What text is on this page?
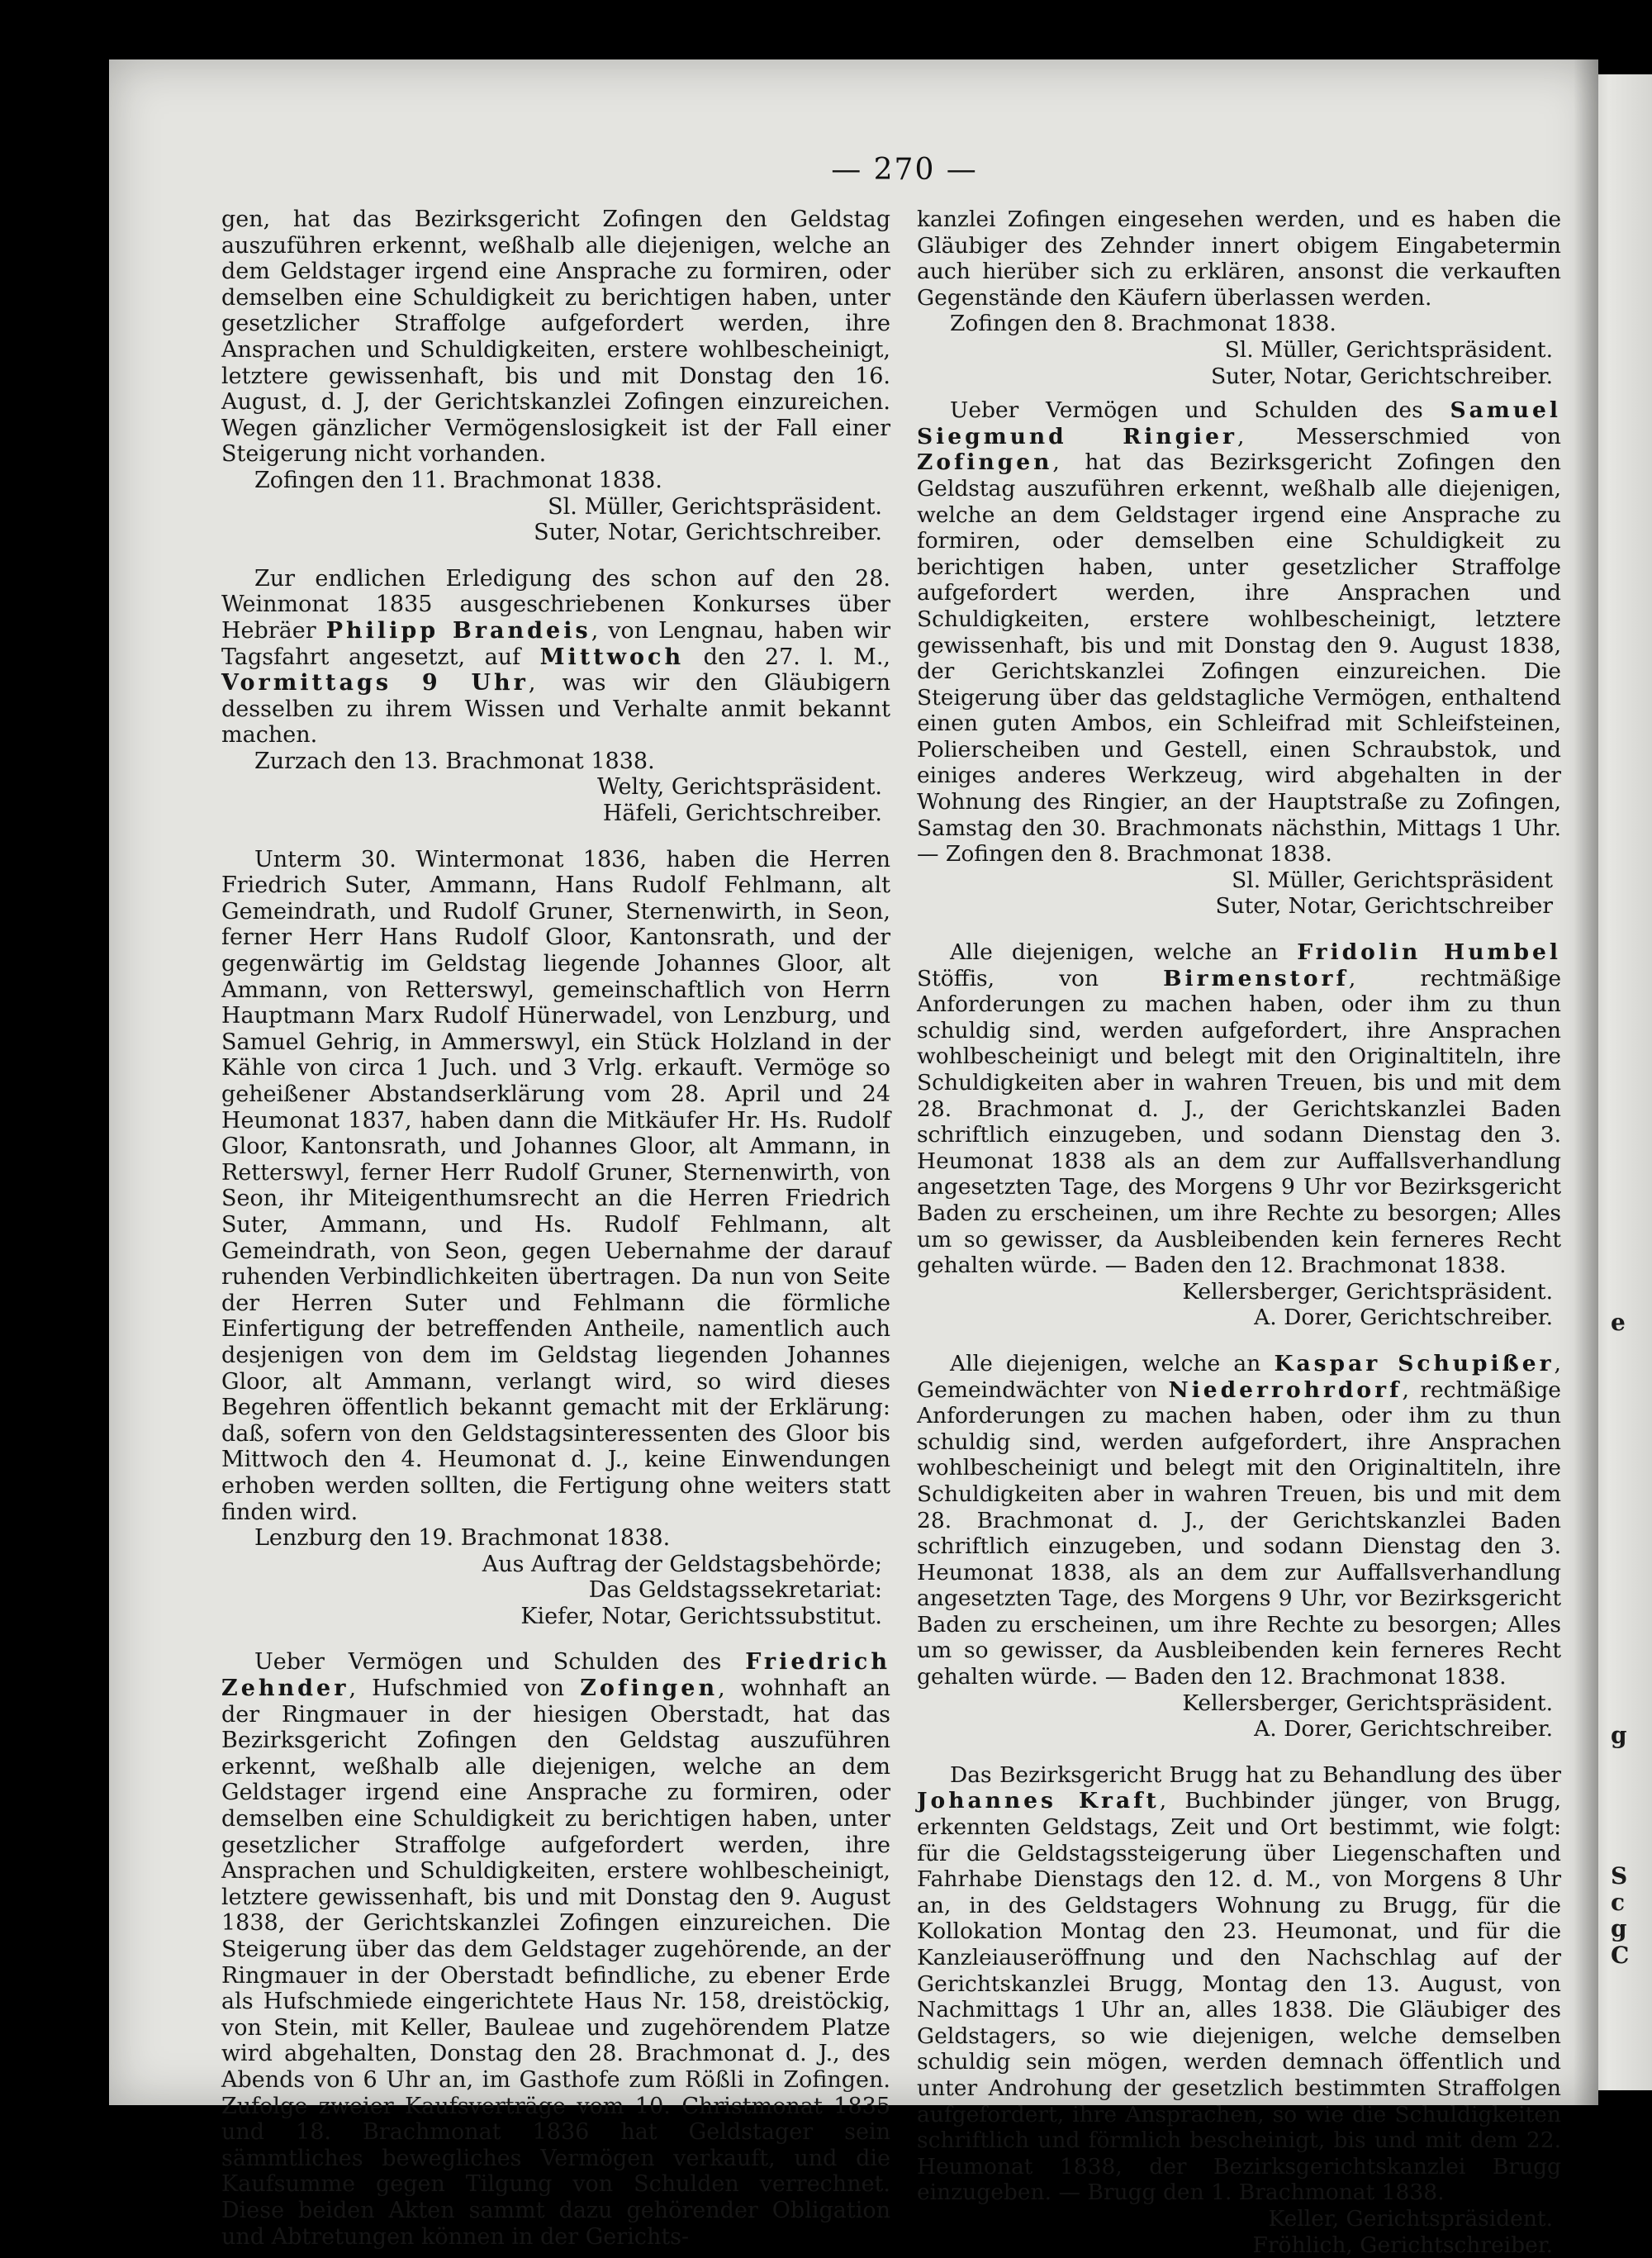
— 270 —

gen, hat das Bezirksgericht Zofingen den Geldstag auszuführen erkennt, weßhalb alle diejenigen, welche an dem Geldstager irgend eine Ansprache zu formiren, oder demselben eine Schuldigkeit zu berichtigen haben, unter gesetzlicher Straffolge aufgefordert werden, ihre Ansprachen und Schuldigkeiten, erstere wohlbescheinigt, letztere gewissenhaft, bis und mit Donstag den 16. August, d. J, der Gerichtskanzlei Zofingen einzureichen. Wegen gänzlicher Vermögenslosigkeit ist der Fall einer Steigerung nicht vorhanden.

Zofingen den 11. Brachmonat 1838.

Sl. Müller, Gerichtspräsident.

Suter, Notar, Gerichtschreiber.

Zur endlichen Erledigung des schon auf den 28. Weinmonat 1835 ausgeschriebenen Konkurses über Hebräer Philipp Brandeis, von Lengnau, haben wir Tagsfahrt angesetzt, auf Mittwoch den 27. l. M., Vormittags 9 Uhr, was wir den Gläubigern desselben zu ihrem Wissen und Verhalte anmit bekannt machen.

Zurzach den 13. Brachmonat 1838.

Welty, Gerichtspräsident.

Häfeli, Gerichtschreiber.

Unterm 30. Wintermonat 1836, haben die Herren Friedrich Suter, Ammann, Hans Rudolf Fehlmann, alt Gemeindrath, und Rudolf Gruner, Sternenwirth, in Seon, ferner Herr Hans Rudolf Gloor, Kantonsrath, und der gegenwärtig im Geldstag liegende Johannes Gloor, alt Ammann, von Retterswyl, gemeinschaftlich von Herrn Hauptmann Marx Rudolf Hünerwadel, von Lenzburg, und Samuel Gehrig, in Ammerswyl, ein Stück Holzland in der Kähle von circa 1 Juch. und 3 Vrlg. erkauft. Vermöge so geheißener Abstandserklärung vom 28. April und 24 Heumonat 1837, haben dann die Mitkäufer Hr. Hs. Rudolf Gloor, Kantonsrath, und Johannes Gloor, alt Ammann, in Retterswyl, ferner Herr Rudolf Gruner, Sternenwirth, von Seon, ihr Miteigenthumsrecht an die Herren Friedrich Suter, Ammann, und Hs. Rudolf Fehlmann, alt Gemeindrath, von Seon, gegen Uebernahme der darauf ruhenden Verbindlichkeiten übertragen. Da nun von Seite der Herren Suter und Fehlmann die förmliche Einfertigung der betreffenden Antheile, namentlich auch desjenigen von dem im Geldstag liegenden Johannes Gloor, alt Ammann, verlangt wird, so wird dieses Begehren öffentlich bekannt gemacht mit der Erklärung: daß, sofern von den Geldstagsinteressenten des Gloor bis Mittwoch den 4. Heumonat d. J., keine Einwendungen erhoben werden sollten, die Fertigung ohne weiters statt finden wird.

Lenzburg den 19. Brachmonat 1838.

Aus Auftrag der Geldstagsbehörde;

Das Geldstagssekretariat:

Kiefer, Notar, Gerichtssubstitut.

Ueber Vermögen und Schulden des Friedrich Zehnder, Hufschmied von Zofingen, wohnhaft an der Ringmauer in der hiesigen Oberstadt, hat das Bezirksgericht Zofingen den Geldstag auszuführen erkennt, weßhalb alle diejenigen, welche an dem Geldstager irgend eine Ansprache zu formiren, oder demselben eine Schuldigkeit zu berichtigen haben, unter gesetzlicher Straffolge aufgefordert werden, ihre Ansprachen und Schuldigkeiten, erstere wohlbescheinigt, letztere gewissenhaft, bis und mit Donstag den 9. August 1838, der Gerichtskanzlei Zofingen einzureichen. Die Steigerung über das dem Geldstager zugehörende, an der Ringmauer in der Oberstadt befindliche, zu ebener Erde als Hufschmiede eingerichtete Haus Nr. 158, dreistöckig, von Stein, mit Keller, Bauleae und zugehörendem Platze wird abgehalten, Donstag den 28. Brachmonat d. J., des Abends von 6 Uhr an, im Gasthofe zum Rößli in Zofingen. Zufolge zweier Kaufsverträge vom 10. Christmonat 1835 und 18. Brachmonat 1836 hat Geldstager sein sämmtliches bewegliches Vermögen verkauft, und die Kaufsumme gegen Tilgung von Schulden verrechnet. Diese beiden Akten sammt dazu gehörender Obligation und Abtretungen können in der Gerichts-

kanzlei Zofingen eingesehen werden, und es haben die Gläubiger des Zehnder innert obigem Eingabetermin auch hierüber sich zu erklären, ansonst die verkauften Gegenstände den Käufern überlassen werden.

Zofingen den 8. Brachmonat 1838.

Sl. Müller, Gerichtspräsident.

Suter, Notar, Gerichtschreiber.

Ueber Vermögen und Schulden des Samuel Siegmund Ringier, Messerschmied von Zofingen, hat das Bezirksgericht Zofingen den Geldstag auszuführen erkennt, weßhalb alle diejenigen, welche an dem Geldstager irgend eine Ansprache zu formiren, oder demselben eine Schuldigkeit zu berichtigen haben, unter gesetzlicher Straffolge aufgefordert werden, ihre Ansprachen und Schuldigkeiten, erstere wohlbescheinigt, letztere gewissenhaft, bis und mit Donstag den 9. August 1838, der Gerichtskanzlei Zofingen einzureichen. Die Steigerung über das geldstagliche Vermögen, enthaltend einen guten Ambos, ein Schleifrad mit Schleifsteinen, Polierscheiben und Gestell, einen Schraubstok, und einiges anderes Werkzeug, wird abgehalten in der Wohnung des Ringier, an der Hauptstraße zu Zofingen, Samstag den 30. Brachmonats nächsthin, Mittags 1 Uhr. — Zofingen den 8. Brachmonat 1838.

Sl. Müller, Gerichtspräsident

Suter, Notar, Gerichtschreiber

Alle diejenigen, welche an Fridolin Humbel Stöffis, von	Birmenstorf, rechtmäßige Anforderungen zu machen haben, oder ihm zu thun schuldig sind, werden aufgefordert, ihre Ansprachen wohlbescheinigt und belegt mit den Originaltiteln, ihre Schuldigkeiten aber in wahren Treuen, bis und mit dem 28. Brachmonat d. J., der Gerichtskanzlei Baden schriftlich einzugeben, und sodann Dienstag den 3. Heumonat 1838 als an dem zur Auffallsverhandlung angesetzten Tage, des Morgens 9 Uhr vor Bezirksgericht Baden zu erscheinen, um ihre Rechte zu besorgen; Alles um so gewisser, da Ausbleibenden kein ferneres Recht gehalten würde. — Baden den 12. Brachmonat 1838.

Kellersberger, Gerichtspräsident.

A. Dorer, Gerichtschreiber.

Alle diejenigen, welche an Kaspar Schupißer, Gemeindwächter von Niederrohrdorf, rechtmäßige Anforderungen zu machen haben, oder ihm zu thun schuldig sind, werden aufgefordert, ihre Ansprachen wohlbescheinigt und belegt mit den Originaltiteln, ihre Schuldigkeiten aber in wahren Treuen, bis und mit dem 28. Brachmonat d. J., der Gerichtskanzlei Baden schriftlich einzugeben, und sodann Dienstag den 3. Heumonat 1838, als an dem zur Auffallsverhandlung angesetzten Tage, des Morgens 9 Uhr, vor Bezirksgericht Baden zu erscheinen, um ihre Rechte zu besorgen; Alles um so gewisser, da Ausbleibenden kein ferneres Recht gehalten würde. — Baden den 12. Brachmonat 1838.

Kellersberger, Gerichtspräsident.

A. Dorer, Gerichtschreiber.

Das Bezirksgericht Brugg hat zu Behandlung des über Johannes Kraft, Buchbinder jünger, von Brugg, erkennten Geldstags, Zeit und Ort bestimmt, wie folgt: für die Geldstagssteigerung über Liegenschaften und Fahrhabe Dienstags den 12. d. M., von Morgens 8 Uhr an, in des Geldstagers Wohnung zu Brugg, für die Kollokation Montag den 23. Heumonat, und für die Kanzleiauseröffnung und den Nachschlag auf der Gerichtskanzlei Brugg, Montag den 13. August, von Nachmittags 1 Uhr an, alles 1838. Die Gläubiger des Geldstagers, so wie diejenigen, welche demselben schuldig sein mögen, werden demnach öffentlich und unter Androhung der gesetzlich bestimmten Straffolgen aufgefordert, ihre Ansprachen, so wie die Schuldigkeiten schriftlich und förmlich bescheinigt, bis und mit dem 22. Heumonat 1838, der Bezirksgerichtskanzlei Brugg einzugeben. — Brugg den 1. Brachmonat 1838.

Keller, Gerichtspräsident.

Fröhlich, Gerichtschreiber.

e
g
S
c
g
C
